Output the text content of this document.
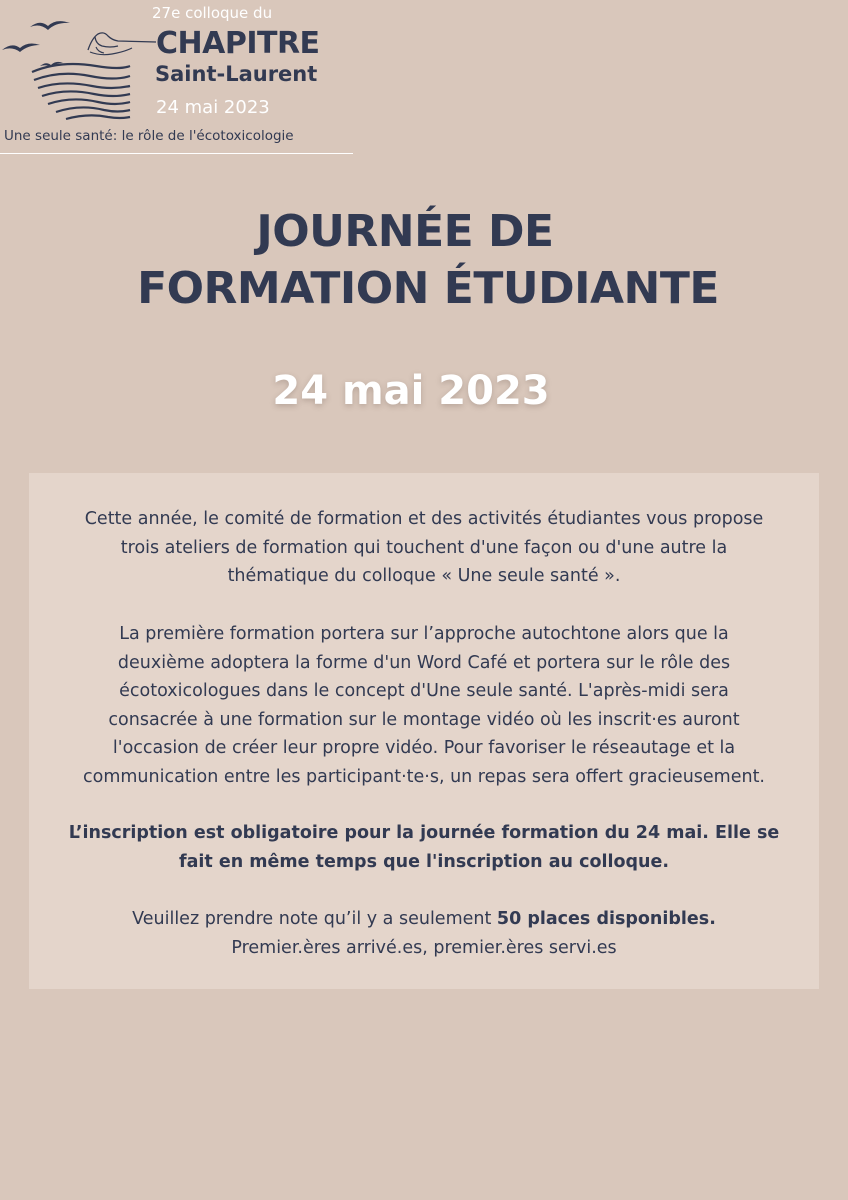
27e colloque du
CHAPITRE
Saint-Laurent
24 mai 2023
Une seule santé: le rôle de l'écotoxicologie
JOURNÉE DE
FORMATION ÉTUDIANTE
24 mai 2023

Cette année, le comité de formation et des activités étudiantes vous propose
trois ateliers de formation qui touchent d'une façon ou d'une autre la
thématique du colloque « Une seule santé ».

La première formation portera sur l’approche autochtone alors que la
deuxième adoptera la forme d'un Word Café et portera sur le rôle des
écotoxicologues dans le concept d'Une seule santé. L'après-midi sera
consacrée à une formation sur le montage vidéo où les inscrit·es auront
l'occasion de créer leur propre vidéo. Pour favoriser le réseautage et la
communication entre les participant·te·s, un repas sera offert gracieusement.

L’inscription est obligatoire pour la journée formation du 24 mai. Elle se
fait en même temps que l'inscription au colloque.

Veuillez prendre note qu’il y a seulement 50 places disponibles.
Premier.ères arrivé.es, premier.ères servi.es
